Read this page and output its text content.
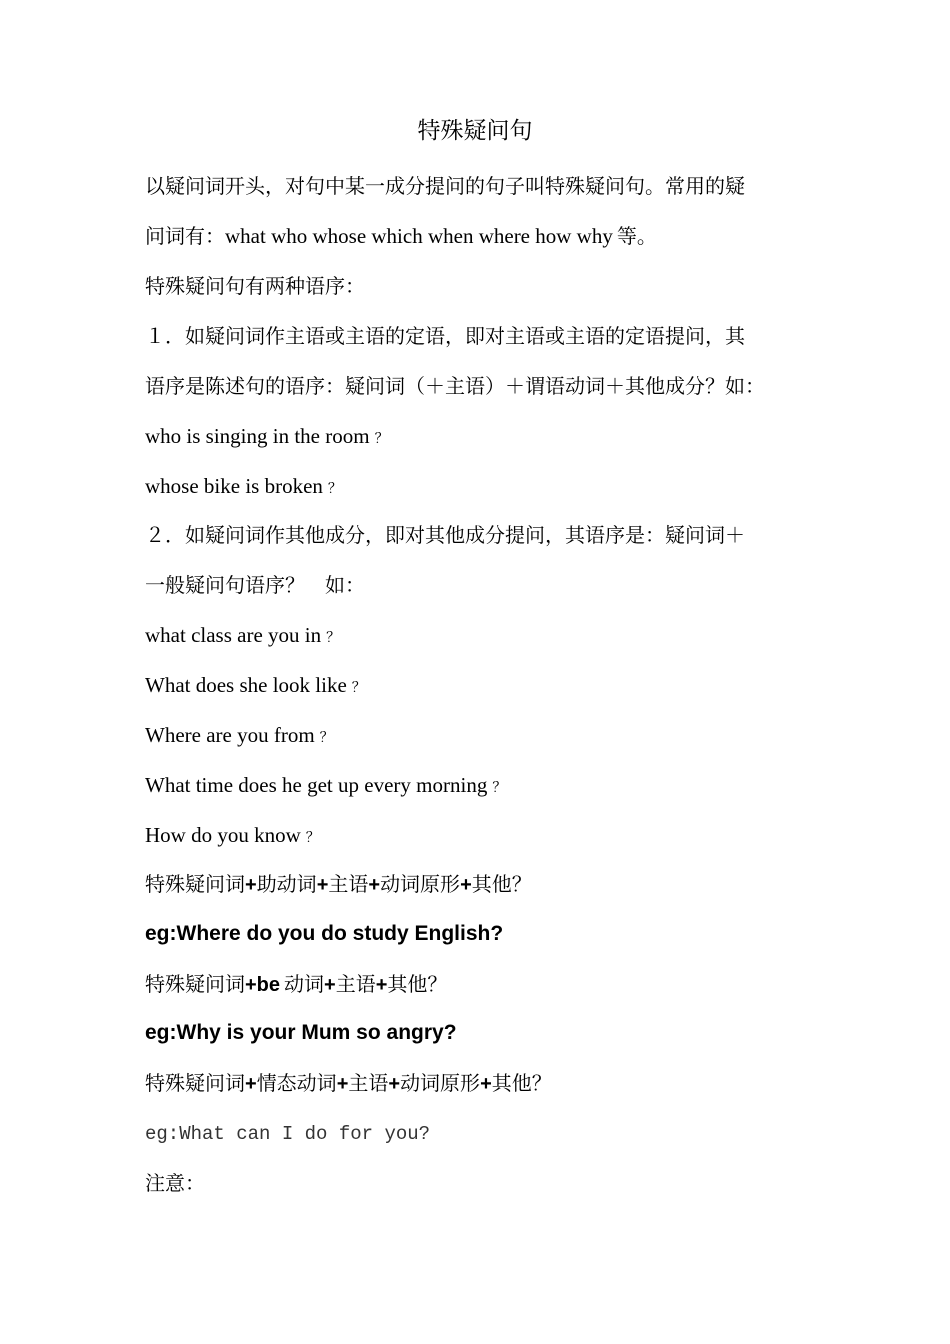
特殊疑问句
以疑问词开头，对句中某一成分提问的句子叫特殊疑问句。常用的疑
问词有：what who whose which when where how why 等。
特殊疑问句有两种语序：
１．如疑问词作主语或主语的定语，即对主语或主语的定语提问，其
语序是陈述句的语序：疑问词（＋主语）＋谓语动词＋其他成分？如：
who is singing in the room ？
whose bike is broken ？
２．如疑问词作其他成分，即对其他成分提问，其语序是：疑问词＋
一般疑问句语序？　如：
what class are you in ？
What does she look like ？
Where are you from ？
What time does he get up every morning ？
How do you know ？
特殊疑问词+助动词+主语+动词原形+其他？
eg:Where do you do study English?
特殊疑问词+be 动词+主语+其他？
eg:Why is your Mum so angry?
特殊疑问词+情态动词+主语+动词原形+其他？
eg:What can I do for you?
注意：
